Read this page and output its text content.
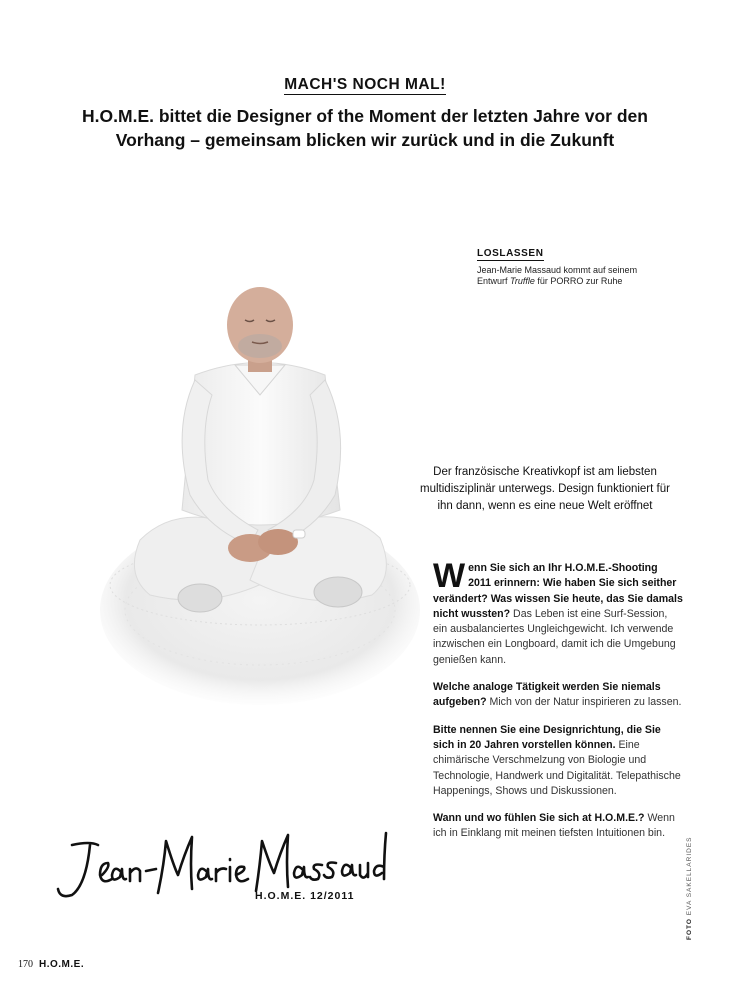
MACH'S NOCH MAL!
H.O.M.E. bittet die Designer of the Moment der letzten Jahre vor den Vorhang – gemeinsam blicken wir zurück und in die Zukunft
LOSLASSEN
Jean-Marie Massaud kommt auf seinem Entwurf Truffle für PORRO zur Ruhe
Der französische Kreativkopf ist am liebsten multidisziplinär unterwegs. Design funktioniert für ihn dann, wenn es eine neue Welt eröffnet
Wenn Sie sich an Ihr H.O.M.E.-Shooting 2011 erinnern: Wie haben Sie sich seither verändert? Was wissen Sie heute, das Sie damals nicht wussten? Das Leben ist eine Surf-Session, ein ausbalanciertes Ungleichgewicht. Ich verwende inzwischen ein Longboard, damit ich die Umgebung genießen kann.
Welche analoge Tätigkeit werden Sie niemals aufgeben? Mich von der Natur inspirieren zu lassen.
Bitte nennen Sie eine Designrichtung, die Sie sich in 20 Jahren vorstellen können. Eine chimärische Verschmelzung von Biologie und Technologie, Handwerk und Digitalität. Telepathische Happenings, Shows und Diskussionen.
Wann und wo fühlen Sie sich at H.O.M.E.? Wenn ich in Einklang mit meinen tiefsten Intuitionen bin.
H.O.M.E. 12/2011
FOTO EVA SAKELLARIDES
170 H.O.M.E.
